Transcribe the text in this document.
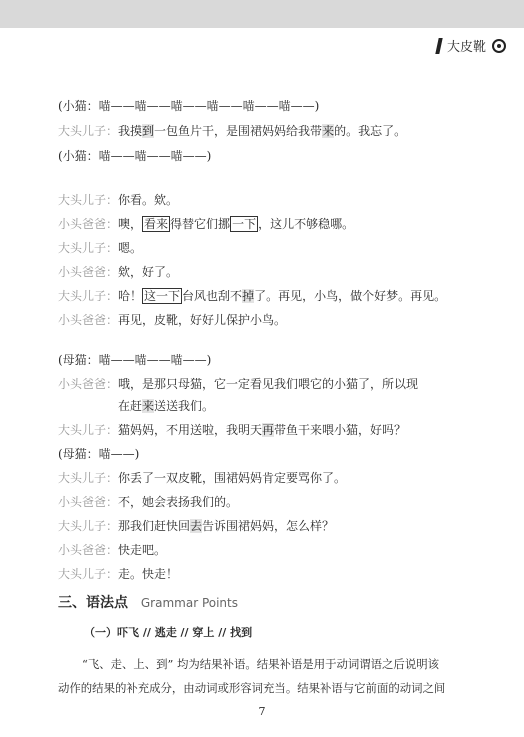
大皮靴
(小猫：喵——喵——喵——喵——喵——喵——)
大头儿子：我摸到一包鱼片干，是围裙妈妈给我带来的。我忘了。
(小猫：喵——喵——喵——)
大头儿子：你看。欸。
小头爸爸：噢， 看来 得替它们挪 一下 ，这儿不够稳哪。
大头儿子：嗯。
小头爸爸：欸，好了。
大头儿子：哈！ 这一下 台风也刮不掉了。再见，小鸟，做个好梦。再见。
小头爸爸：再见，皮靴，好好儿保护小鸟。
(母猫：喵——喵——喵——)
小头爸爸：哦，是那只母猫，它一定看见我们喂它的小猫了，所以现
　　　　　在赶来送送我们。
大头儿子：猫妈妈，不用送啦，我明天再带鱼干来喂小猫，好吗？
(母猫：喵——)
大头儿子：你丢了一双皮靴，围裙妈妈肯定要骂你了。
小头爸爸：不，她会表扬我们的。
大头儿子：那我们赶快回去告诉围裙妈妈，怎么样？
小头爸爸：快走吧。
大头儿子：走。快走！
三、语法点 Grammar Points
（一）吓飞 // 逃走 // 穿上 // 找到
“飞、走、上、到” 均为结果补语。结果补语是用于动词谓语之后说明该
动作的结果的补充成分，由动词或形容词充当。结果补语与它前面的动词之间
7
